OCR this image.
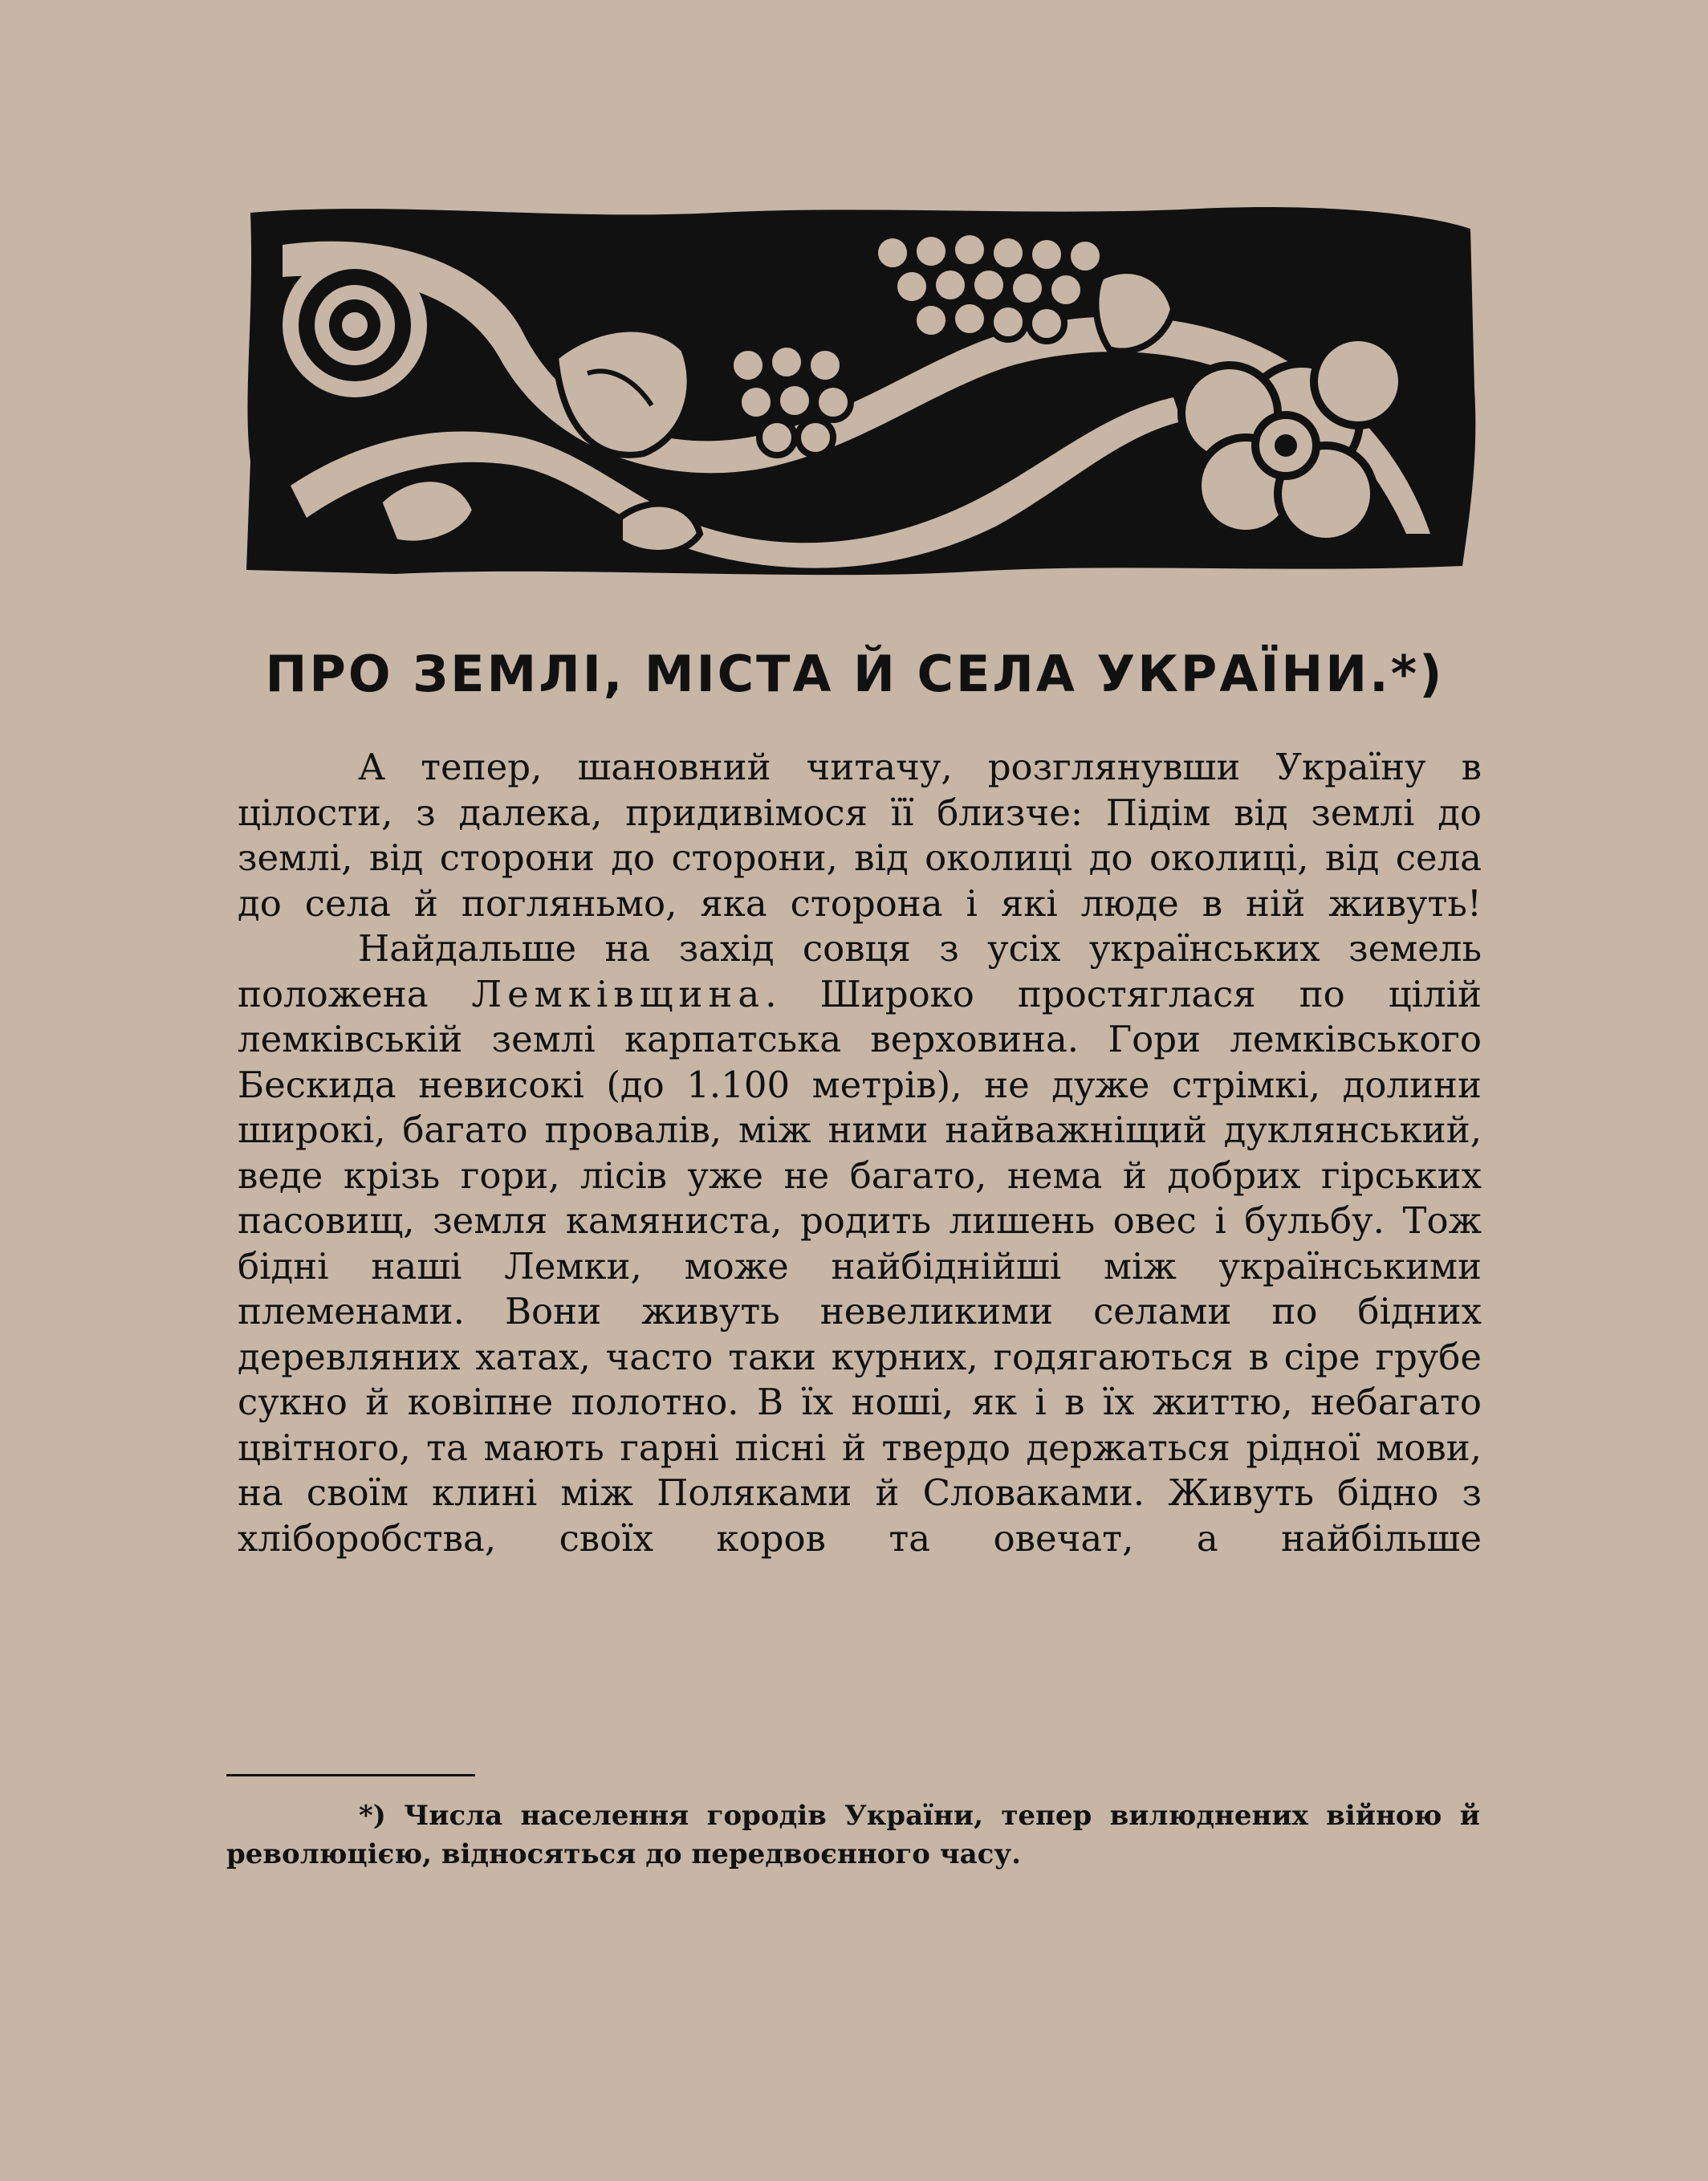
ВС.
ПРО ЗЕМЛІ, МІСТА Й СЕЛА УКРАЇНИ.*)

А тепер, шановний читачу, розглянувши Україну в цілости, з далека, придивімося її близче: Підім від землі до землі, від сторони до сторони, від околиці до околиці, від села до села й погляньмо, яка сторона і які люде в ній живуть!

Найдальше на захід совця з усіх українських земель положена Лемківщина. Широко простяглася по цілій лемківській землі карпатська верховина. Гори лемківського Бескида невисокі (до 1.100 метрів), не дуже стрімкі, долини широкі, багато провалів, між ними найважніщий дуклянський, веде крізь гори, лісів уже не багато, нема й добрих гірських пасовищ, земля камяниста, родить лишень овес і бульбу. Тож бідні наші Лемки, може найбіднійші між українськими племенами. Вони живуть невеликими селами по бідних деревляних хатах, часто таки курних, годягаються в сіре грубе сукно й ковіпне полотно. В їх ноші, як і в їх життю, небагато цвітного, та мають гарні пісні й твердо держаться рідної мови, на своїм клині між Поляками й Словаками. Живуть бідно з хліборобства, своїх коров та овечат, а найбільше

*) Числа населення городів України, тепер вилюднених війною й революцією, відносяться до передвоєнного часу.
